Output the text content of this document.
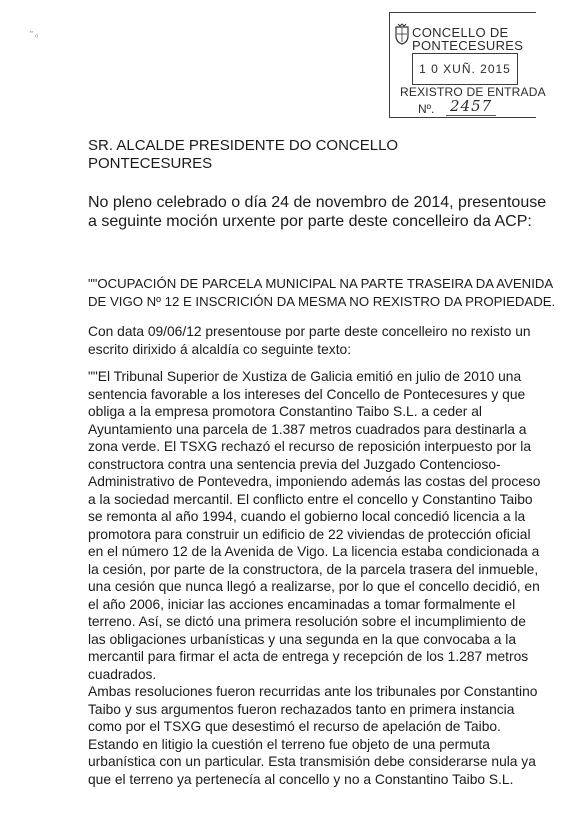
" ₒ	CONCELLO DE
PONTECESURES
1 0 XUÑ. 2015
REXISTRO DE ENTRADA
Nº. 2457
SR. ALCALDE PRESIDENTE DO CONCELLO
PONTECESURES
No pleno celebrado o día 24 de novembro de 2014, presentouse
a seguinte moción urxente por parte deste concelleiro da ACP:
""OCUPACIÓN DE PARCELA MUNICIPAL NA PARTE TRASEIRA DA AVENIDA
DE VIGO Nº 12 E INSCRICIÓN DA MESMA NO REXISTRO DA PROPIEDADE.
Con data 09/06/12 presentouse por parte deste concelleiro no rexisto un
escrito dirixido á alcaldía co seguinte texto:
""El Tribunal Superior de Xustiza de Galicia emitió en julio de 2010 una
sentencia favorable a los intereses del Concello de Pontecesures y que
obliga a la empresa promotora Constantino Taibo S.L. a ceder al
Ayuntamiento una parcela de 1.387 metros cuadrados para destinarla a
zona verde. El TSXG rechazó el recurso de reposición interpuesto por la
constructora contra una sentencia previa del Juzgado Contencioso-
Administrativo de Pontevedra, imponiendo además las costas del proceso
a la sociedad mercantil. El conflicto entre el concello y Constantino Taibo
se remonta al año 1994, cuando el gobierno local concedió licencia a la
promotora para construir un edificio de 22 viviendas de protección oficial
en el número 12 de la Avenida de Vigo. La licencia estaba condicionada a
la cesión, por parte de la constructora, de la parcela trasera del inmueble,
una cesión que nunca llegó a realizarse, por lo que el concello decidió, en
el año 2006, iniciar las acciones encaminadas a tomar formalmente el
terreno. Así, se dictó una primera resolución sobre el incumplimiento de
las obligaciones urbanísticas y una segunda en la que convocaba a la
mercantil para firmar el acta de entrega y recepción de los 1.287 metros
cuadrados.
Ambas resoluciones fueron recurridas ante los tribunales por Constantino
Taibo y sus argumentos fueron rechazados tanto en primera instancia
como por el TSXG que desestimó el recurso de apelación de Taibo.
Estando en litigio la cuestión el terreno fue objeto de una permuta
urbanística con un particular. Esta transmisión debe considerarse nula ya
que el terreno ya pertenecía al concello y no a Constantino Taibo S.L.
